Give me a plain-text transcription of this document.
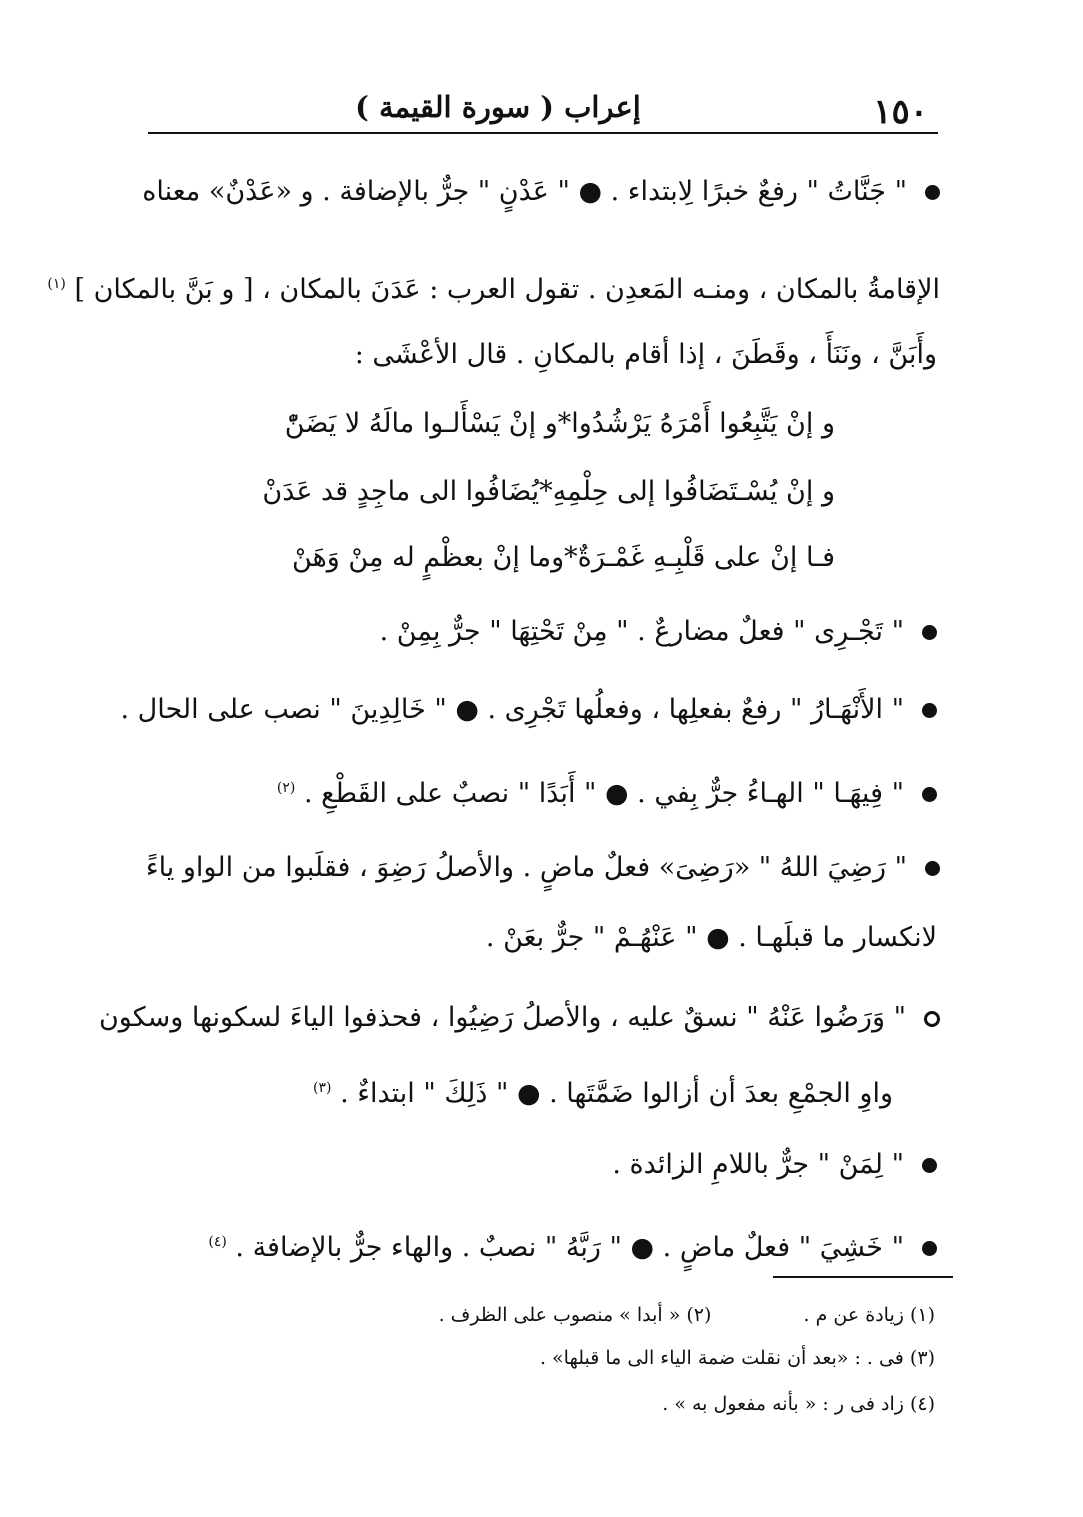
١٥٠
إعراب ( سورة القيمة )
" جَنَّاتُ " رفعٌ خبرًا لِابتداء . ● " عَدْنٍ " جرٌّ بالإضافة . و «عَدْنٌ» معناه
الإقامةُ بالمكان ، ومنـه المَعدِن . تقول العرب : عَدَنَ بالمكان ، [ و بَنَّ بالمكان ] $^{(١)}$
وأَبَنَّ ، ونَنَأَ ، وقَطَنَ ، إذا أقام بالمكانِ . قال الأعْشَى :
و إنْ يَتَّبِعُوا أَمْرَهُ يَرْشُدُوا
*
و إنْ يَسْأَلـوا مالَهُ لا يَضَنّْ
و إنْ يُسْـتَضَافُوا إلى حِلْمِهِ
*
يُضَافُوا الى ماجِدٍ قد عَدَنْ
فـا إنْ على قَلْبِـهِ غَمْـرَةٌ
*
وما إنْ بعظْمٍ له مِنْ وَهَنْ
" تَجْـرِى " فعلٌ مضارعٌ . " مِنْ تَحْتِهَا " جرٌّ بِمِنْ .
" الأَنْهَـارُ " رفعٌ بفعلِها ، وفعلُها تَجْرِى . ● " خَالِدِينَ " نصب على الحال .
" فِيهَـا " الهـاءُ جرٌّ بِفي . ● " أَبَدًا " نصبٌ على القَطْعِ . $^{(٢)}$
" رَضِيَ اللهُ " «رَضِىَ» فعلٌ ماضٍ . والأصلُ رَضِوَ ، فقلَبوا من الواو ياءً
لانكسار ما قبلَهـا . ● " عَنْهُـمْ " جرٌّ بعَنْ .
" وَرَضُوا عَنْهُ " نسقٌ عليه ، والأصلُ رَضِيُوا ، فحذفوا الياءَ لسكونها وسكون
واوِ الجمْعِ بعدَ أن أزالوا ضَمَّتَها . ● " ذَلِكَ " ابتداءٌ . $^{(٣)}$
" لِمَنْ " جرٌّ باللامِ الزائدة .
" خَشِيَ " فعلٌ ماضٍ . ● " رَبَّهُ " نصبٌ . والهاء جرٌّ بالإضافة . $^{(٤)}$
(١) زيادة عن م .  (٢) « أبدا » منصوب على الظرف .
(٣) فى . : «بعد أن نقلت ضمة الياء الى ما قبلها» .
(٤) زاد فى ر : « بأنه مفعول به » .
